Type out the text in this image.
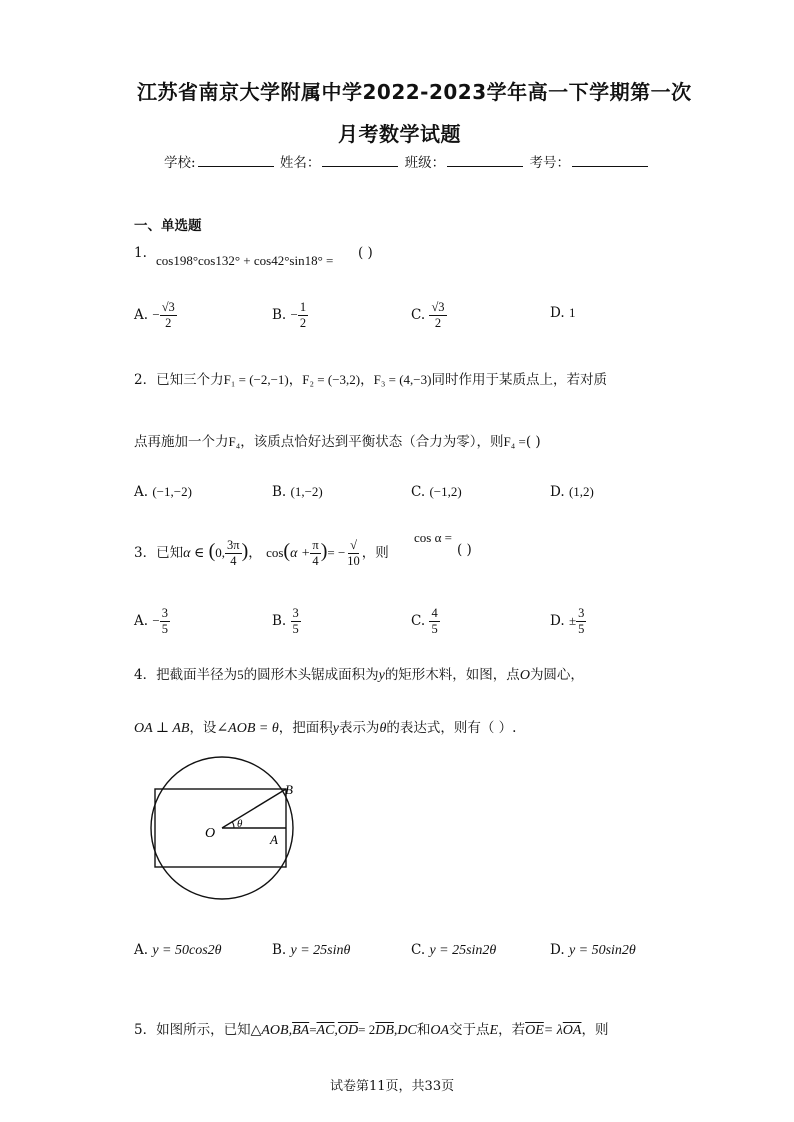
江苏省南京大学附属中学2022-2023学年高一下学期第一次
月考数学试题
学校:	姓名：	班级：	考号：
一、单选题
1. cos198°cos132° + cos42°sin18° = ( )
A. − $\frac{√3}{2}$	B. − $\frac{1}{2}$	C. $\frac{√3}{2}$	D. 1
2．已知三个力F₁ = (−2,−1)，F₂ = (−3,2)，F₃ = (4,−3)同时作用于某质点上，若对质
点再施加一个力F₄，该质点恰好达到平衡状态（合力为零），则F₄ =( )
A. (−1,−2)	B. (1,−2)	C. (−1,2)	D. (1,2)
3．已知α ∈ (0, $\frac{3\pi}{4}$ )， $\cos(\alpha + \frac{\pi}{4}$ )= − $\frac{√}{10}$ ，则
cos α =
( )
A. − $\frac{3}{5}$	B. $\frac{3}{5}$	C. $\frac{4}{5}$	D. ± $\frac{3}{5}$
4．把截面半径为5的圆形木头锯成面积为y的矩形木料，如图，点O为圆心，
OA ⊥ AB，设∠AOB = θ，把面积y表示为θ的表达式，则有（ ）.
O	A
B
θ
A. y = 50cos2θ	B. y = 25sinθ	C. y = 25sin2θ	D. y = 50sin2θ
5．如图所示，已知$\triangle AOB,\overline{BA}=\overline{AC},\overline{OD}= 2\overline{DB},DC$和OA交于点E，若$\overline{OE}= \lambda\overline{OA}$，则
试卷第11页，共33页
